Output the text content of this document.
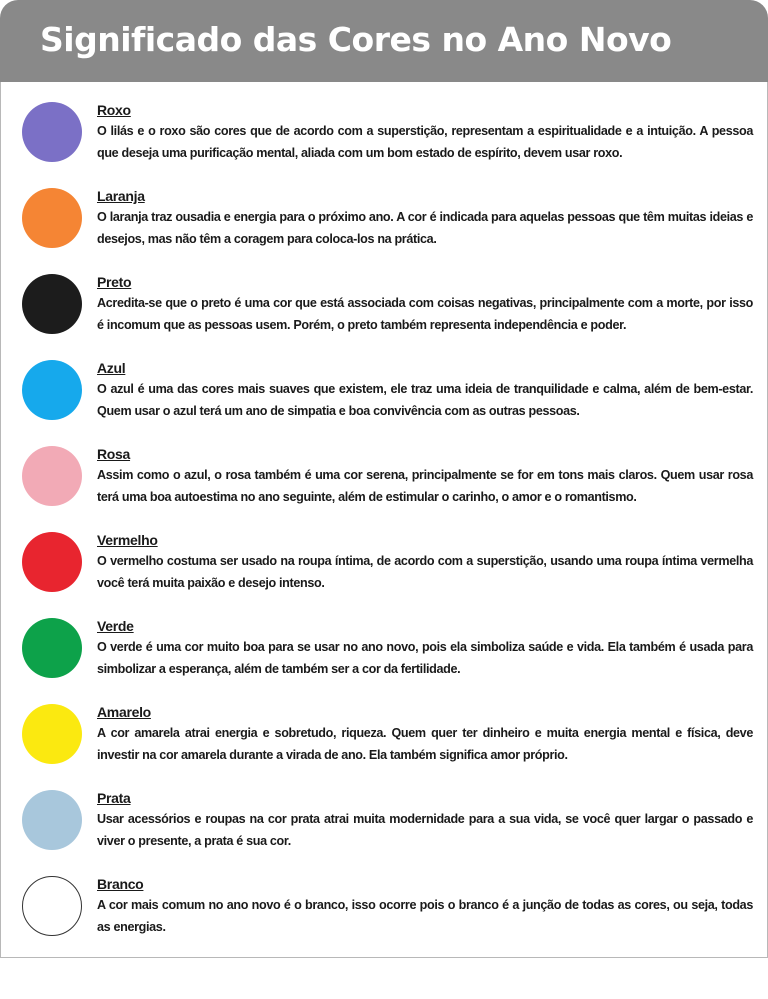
Significado das Cores no Ano Novo
Roxo
O lilás e o roxo são cores que de acordo com a superstição, representam a espiritualidade e a intuição. A pessoa que deseja uma purificação mental, aliada com um bom estado de espírito, devem usar roxo.
Laranja
O laranja traz ousadia e energia para o próximo ano. A cor é indicada para aquelas pessoas que têm muitas ideias e desejos, mas não têm a coragem para coloca-los na prática.
Preto
Acredita-se que o preto é uma cor que está associada com coisas negativas, principalmente com a morte, por isso é incomum que as pessoas usem. Porém, o preto também representa independência e poder.
Azul
O azul é uma das cores mais suaves que existem, ele traz uma ideia de tranquilidade e calma, além de bem-estar. Quem usar o azul terá um ano de simpatia e boa convivência com as outras pessoas.
Rosa
Assim como o azul, o rosa também é uma cor serena, principalmente se for em tons mais claros. Quem usar rosa terá uma boa autoestima no ano seguinte, além de estimular o carinho, o amor e o romantismo.
Vermelho
O vermelho costuma ser usado na roupa íntima, de acordo com a superstição, usando uma roupa íntima vermelha você terá muita paixão e desejo intenso.
Verde
O verde é uma cor muito boa para se usar no ano novo, pois ela simboliza saúde e vida. Ela também é usada para simbolizar a esperança, além de também ser a cor da fertilidade.
Amarelo
A cor amarela atrai energia e sobretudo, riqueza. Quem quer ter dinheiro e muita energia mental e física, deve investir na cor amarela durante a virada de ano. Ela também significa amor próprio.
Prata
Usar acessórios e roupas na cor prata atrai muita modernidade para a sua vida, se você quer largar o passado e viver o presente, a prata é sua cor.
Branco
A cor mais comum no ano novo é o branco, isso ocorre pois o branco é a junção de todas as cores, ou seja, todas as energias.
